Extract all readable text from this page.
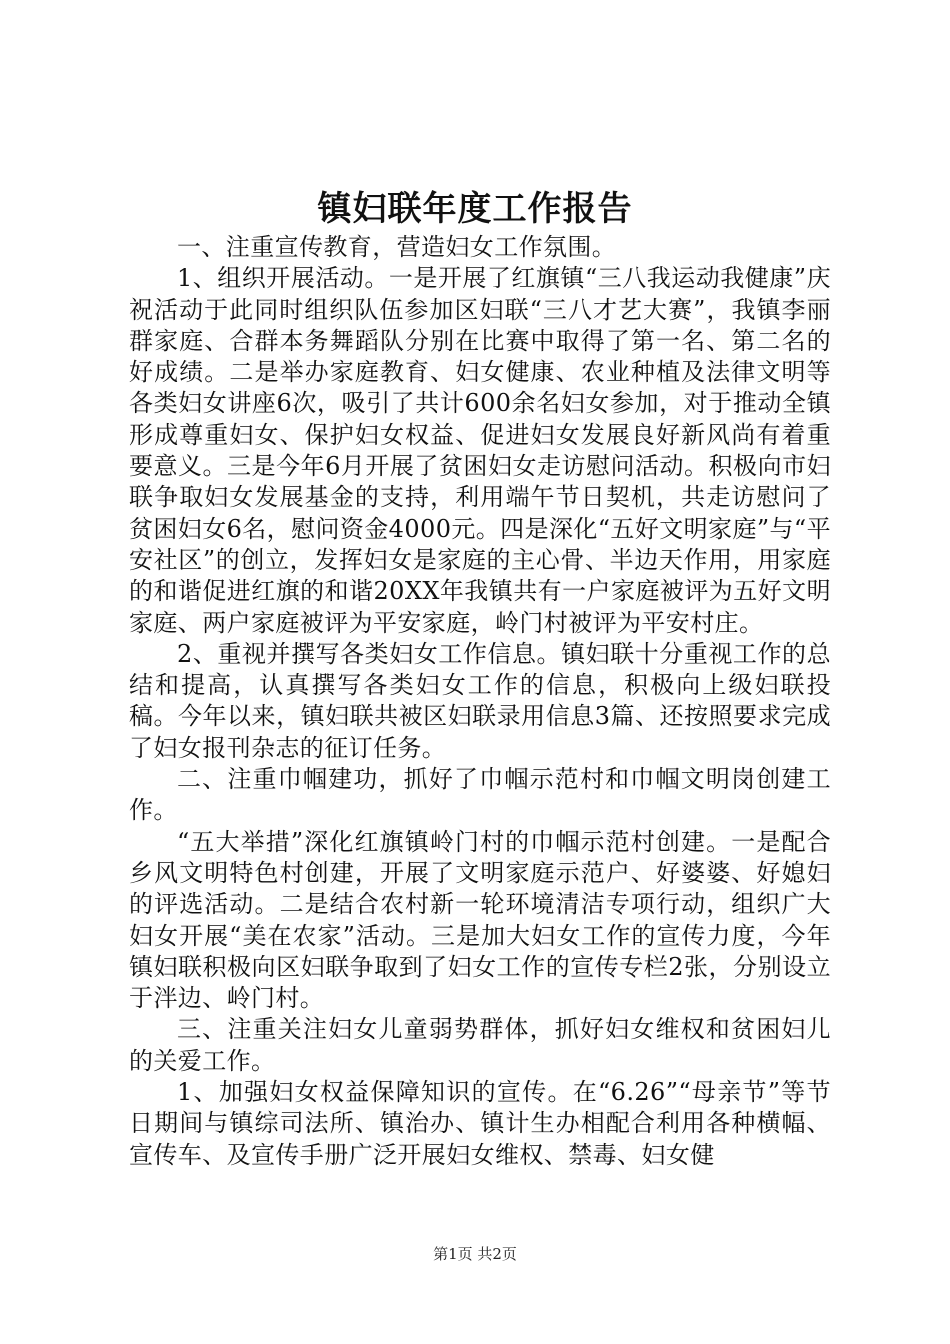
镇妇联年度工作报告

一、注重宣传教育，营造妇女工作氛围。

1、组织开展活动。一是开展了红旗镇“三八我运动我健康”庆祝活动于此同时组织队伍参加区妇联“三八才艺大赛”，我镇李丽群家庭、合群本务舞蹈队分别在比赛中取得了第一名、第二名的好成绩。二是举办家庭教育、妇女健康、农业种植及法律文明等各类妇女讲座6次，吸引了共计600余名妇女参加，对于推动全镇形成尊重妇女、保护妇女权益、促进妇女发展良好新风尚有着重要意义。三是今年6月开展了贫困妇女走访慰问活动。积极向市妇联争取妇女发展基金的支持，利用端午节日契机，共走访慰问了贫困妇女6名，慰问资金4000元。四是深化“五好文明家庭”与“平安社区”的创立，发挥妇女是家庭的主心骨、半边天作用，用家庭的和谐促进红旗的和谐20XX年我镇共有一户家庭被评为五好文明家庭、两户家庭被评为平安家庭，岭门村被评为平安村庄。

2、重视并撰写各类妇女工作信息。镇妇联十分重视工作的总结和提高，认真撰写各类妇女工作的信息，积极向上级妇联投稿。今年以来，镇妇联共被区妇联录用信息3篇、还按照要求完成了妇女报刊杂志的征订任务。

二、注重巾帼建功，抓好了巾帼示范村和巾帼文明岗创建工作。

“五大举措”深化红旗镇岭门村的巾帼示范村创建。一是配合乡风文明特色村创建，开展了文明家庭示范户、好婆婆、好媳妇的评选活动。二是结合农村新一轮环境清洁专项行动，组织广大妇女开展“美在农家”活动。三是加大妇女工作的宣传力度，今年镇妇联积极向区妇联争取到了妇女工作的宣传专栏2张，分别设立于泮边、岭门村。

三、注重关注妇女儿童弱势群体，抓好妇女维权和贫困妇儿的关爱工作。

1、加强妇女权益保障知识的宣传。在“6.26”“母亲节”等节日期间与镇综司法所、镇治办、镇计生办相配合利用各种横幅、宣传车、及宣传手册广泛开展妇女维权、禁毒、妇女健

第1页 共2页
